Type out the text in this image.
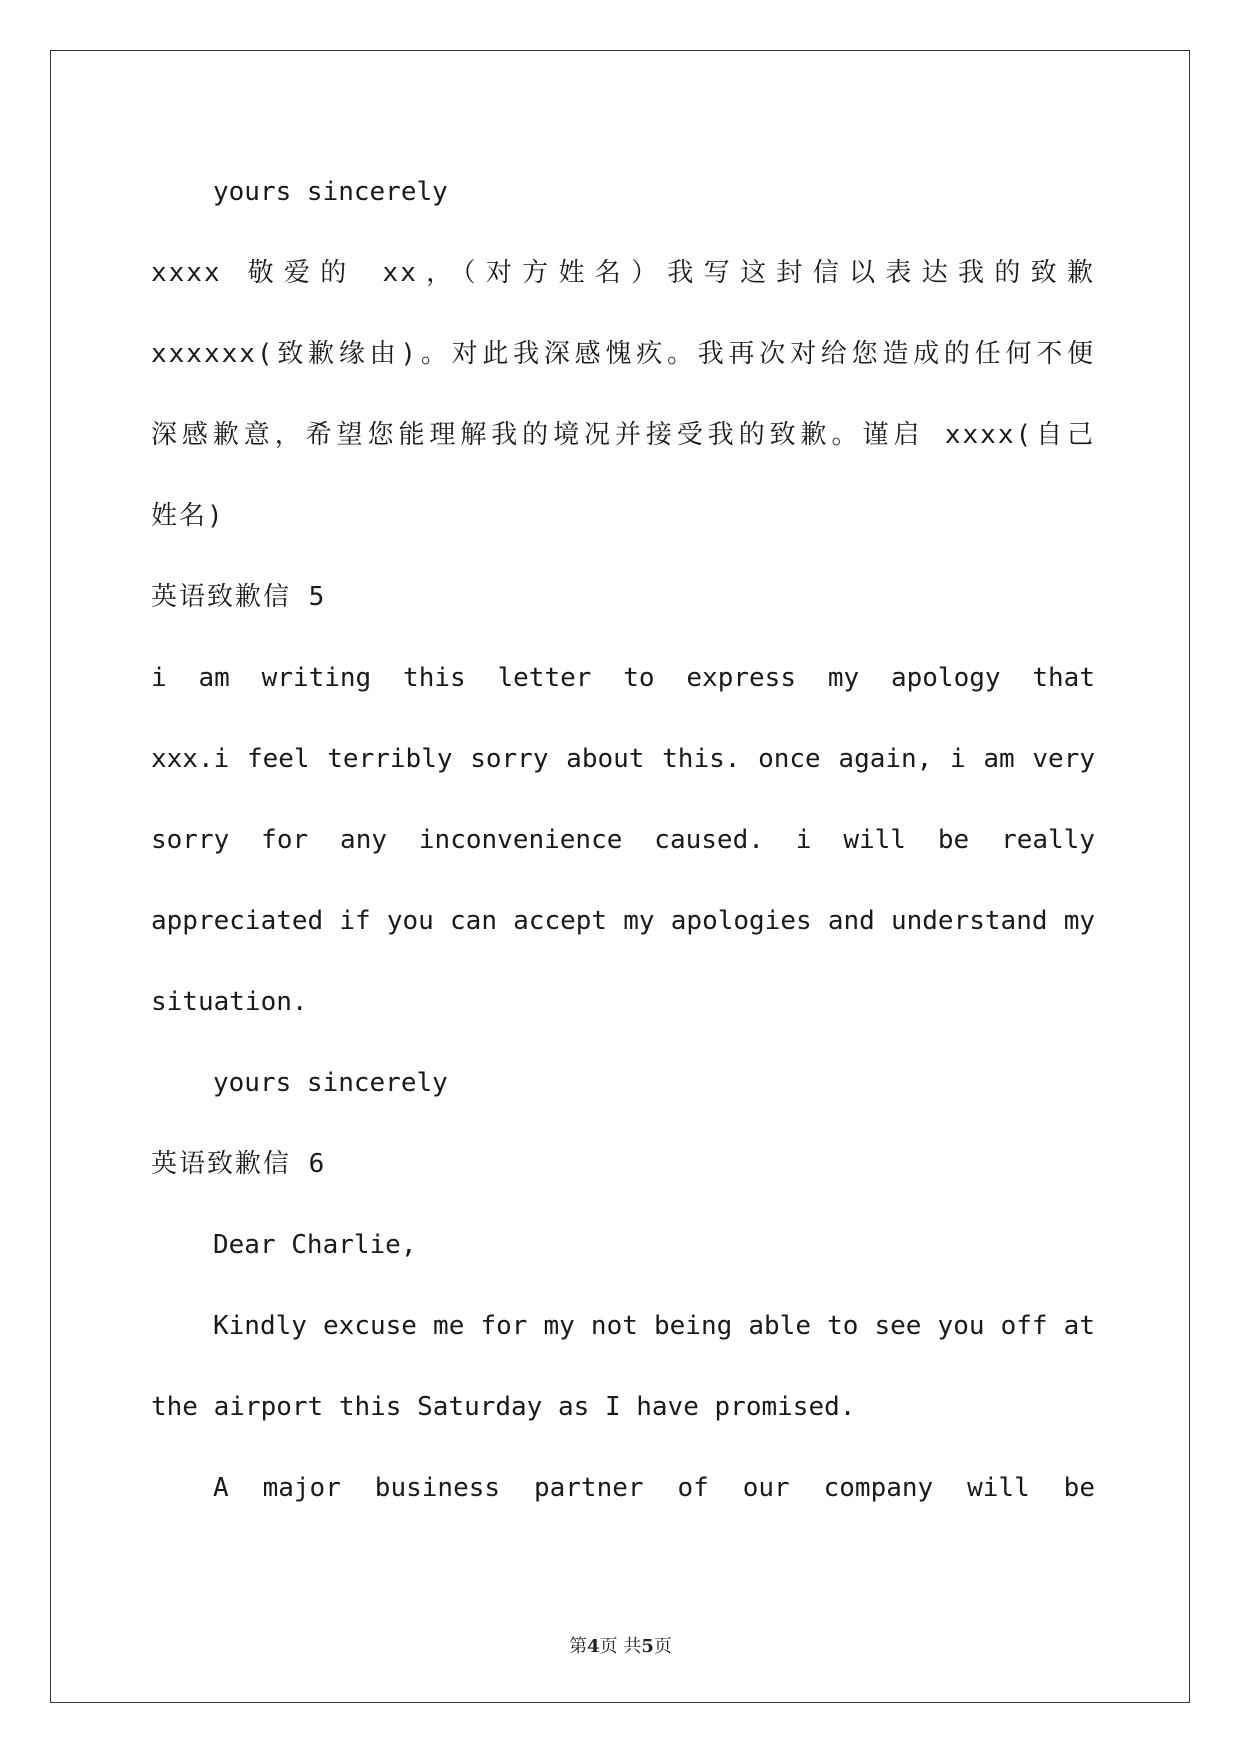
yours sincerely
xxxx 敬爱的 xx，（对方姓名）我写这封信以表达我的致歉
xxxxxx(致歉缘由)。对此我深感愧疚。我再次对给您造成的任何不便
深感歉意，希望您能理解我的境况并接受我的致歉。谨启 xxxx(自己
姓名)
英语致歉信 5
i am writing this letter to express my apology that
xxx.i feel terribly sorry about this. once again, i am very
sorry for any inconvenience caused. i will be really
appreciated if you can accept my apologies and understand my
situation.
yours sincerely
英语致歉信 6
Dear Charlie,
Kindly excuse me for my not being able to see you off at
the airport this Saturday as I have promised.
A major business partner of our company will be
第4页 共5页
